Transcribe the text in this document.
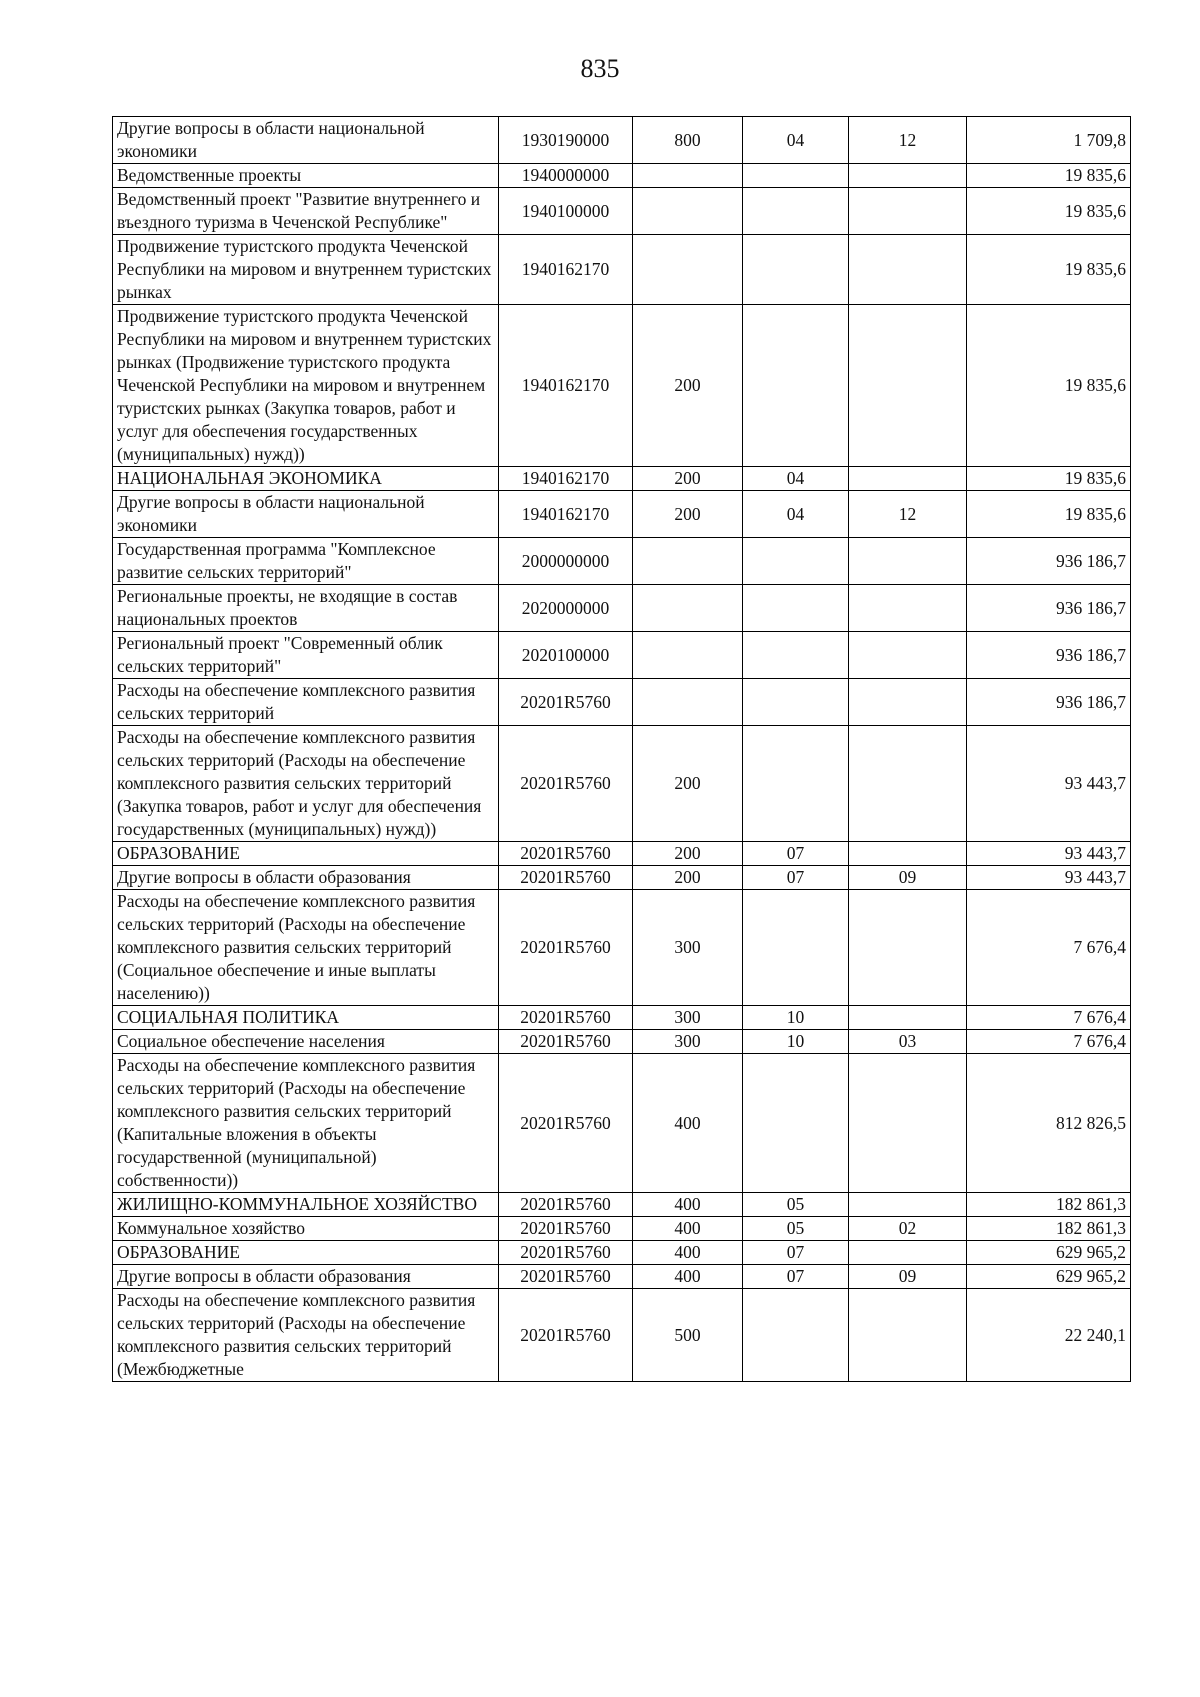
835
Другие вопросы в области национальной экономики	1930190000	800	04	12	1 709,8
Ведомственные проекты	1940000000				19 835,6
Ведомственный проект "Развитие внутреннего и въездного туризма в Чеченской Республике"	1940100000				19 835,6
Продвижение туристского продукта Чеченской Республики на мировом и внутреннем туристских рынках	1940162170				19 835,6
Продвижение туристского продукта Чеченской Республики на мировом и внутреннем туристских рынках (Продвижение туристского продукта Чеченской Республики на мировом и внутреннем туристских рынках (Закупка товаров, работ и услуг для обеспечения государственных (муниципальных) нужд))	1940162170	200			19 835,6
НАЦИОНАЛЬНАЯ ЭКОНОМИКА	1940162170	200	04		19 835,6
Другие вопросы в области национальной экономики	1940162170	200	04	12	19 835,6
Государственная программа "Комплексное развитие сельских территорий"	2000000000				936 186,7
Региональные проекты, не входящие в состав национальных проектов	2020000000				936 186,7
Региональный проект "Современный облик сельских территорий"	2020100000				936 186,7
Расходы на обеспечение комплексного развития сельских территорий	20201R5760				936 186,7
Расходы на обеспечение комплексного развития сельских территорий (Расходы на обеспечение комплексного развития сельских территорий (Закупка товаров, работ и услуг для обеспечения государственных (муниципальных) нужд))	20201R5760	200			93 443,7
ОБРАЗОВАНИЕ	20201R5760	200	07		93 443,7
Другие вопросы в области образования	20201R5760	200	07	09	93 443,7
Расходы на обеспечение комплексного развития сельских территорий (Расходы на обеспечение комплексного развития сельских территорий (Социальное обеспечение и иные выплаты населению))	20201R5760	300			7 676,4
СОЦИАЛЬНАЯ ПОЛИТИКА	20201R5760	300	10		7 676,4
Социальное обеспечение населения	20201R5760	300	10	03	7 676,4
Расходы на обеспечение комплексного развития сельских территорий (Расходы на обеспечение комплексного развития сельских территорий (Капитальные вложения в объекты государственной (муниципальной) собственности))	20201R5760	400			812 826,5
ЖИЛИЩНО-КОММУНАЛЬНОЕ ХОЗЯЙСТВО	20201R5760	400	05		182 861,3
Коммунальное хозяйство	20201R5760	400	05	02	182 861,3
ОБРАЗОВАНИЕ	20201R5760	400	07		629 965,2
Другие вопросы в области образования	20201R5760	400	07	09	629 965,2
Расходы на обеспечение комплексного развития сельских территорий (Расходы на обеспечение комплексного развития сельских территорий (Межбюджетные	20201R5760	500			22 240,1
